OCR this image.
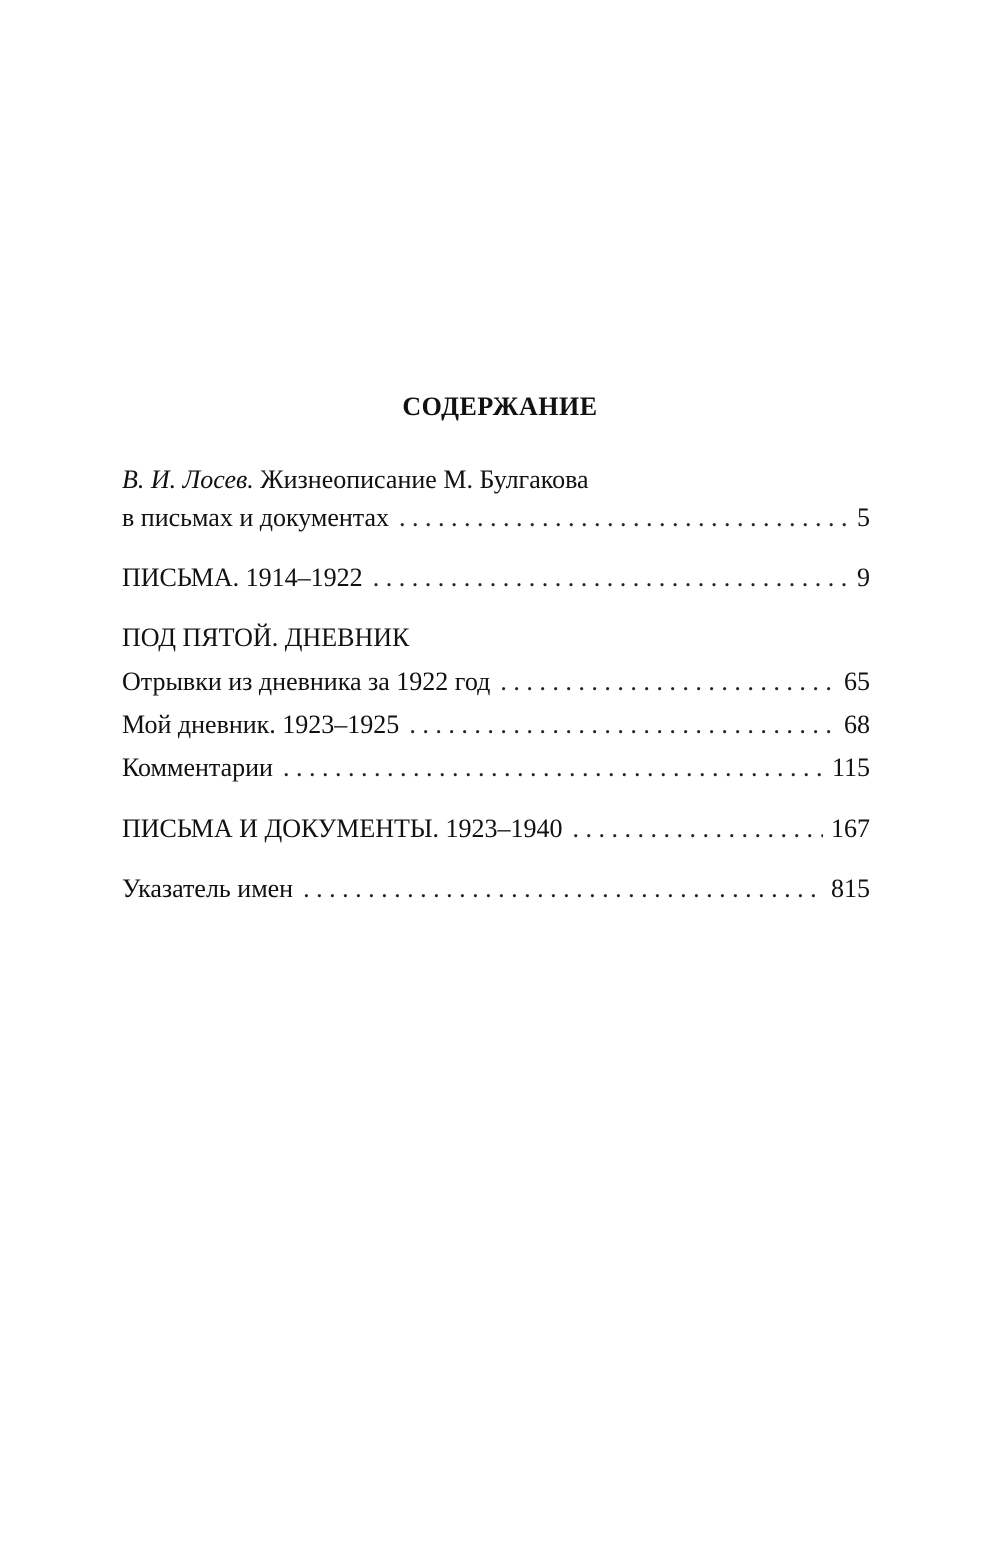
СОДЕРЖАНИЕ
В. И. Лосев. Жизнеописание М. Булгакова
в письмах и документах . . .	5
ПИСЬМА. 1914–1922 . . .	9
ПОД ПЯТОЙ. ДНЕВНИК
Отрывки из дневника за 1922 год . . .	65
Мой дневник. 1923–1925 . . .	68
Комментарии . . .	115
ПИСЬМА И ДОКУМЕНТЫ. 1923–1940 . . .	167
Указатель имен . . .	815
